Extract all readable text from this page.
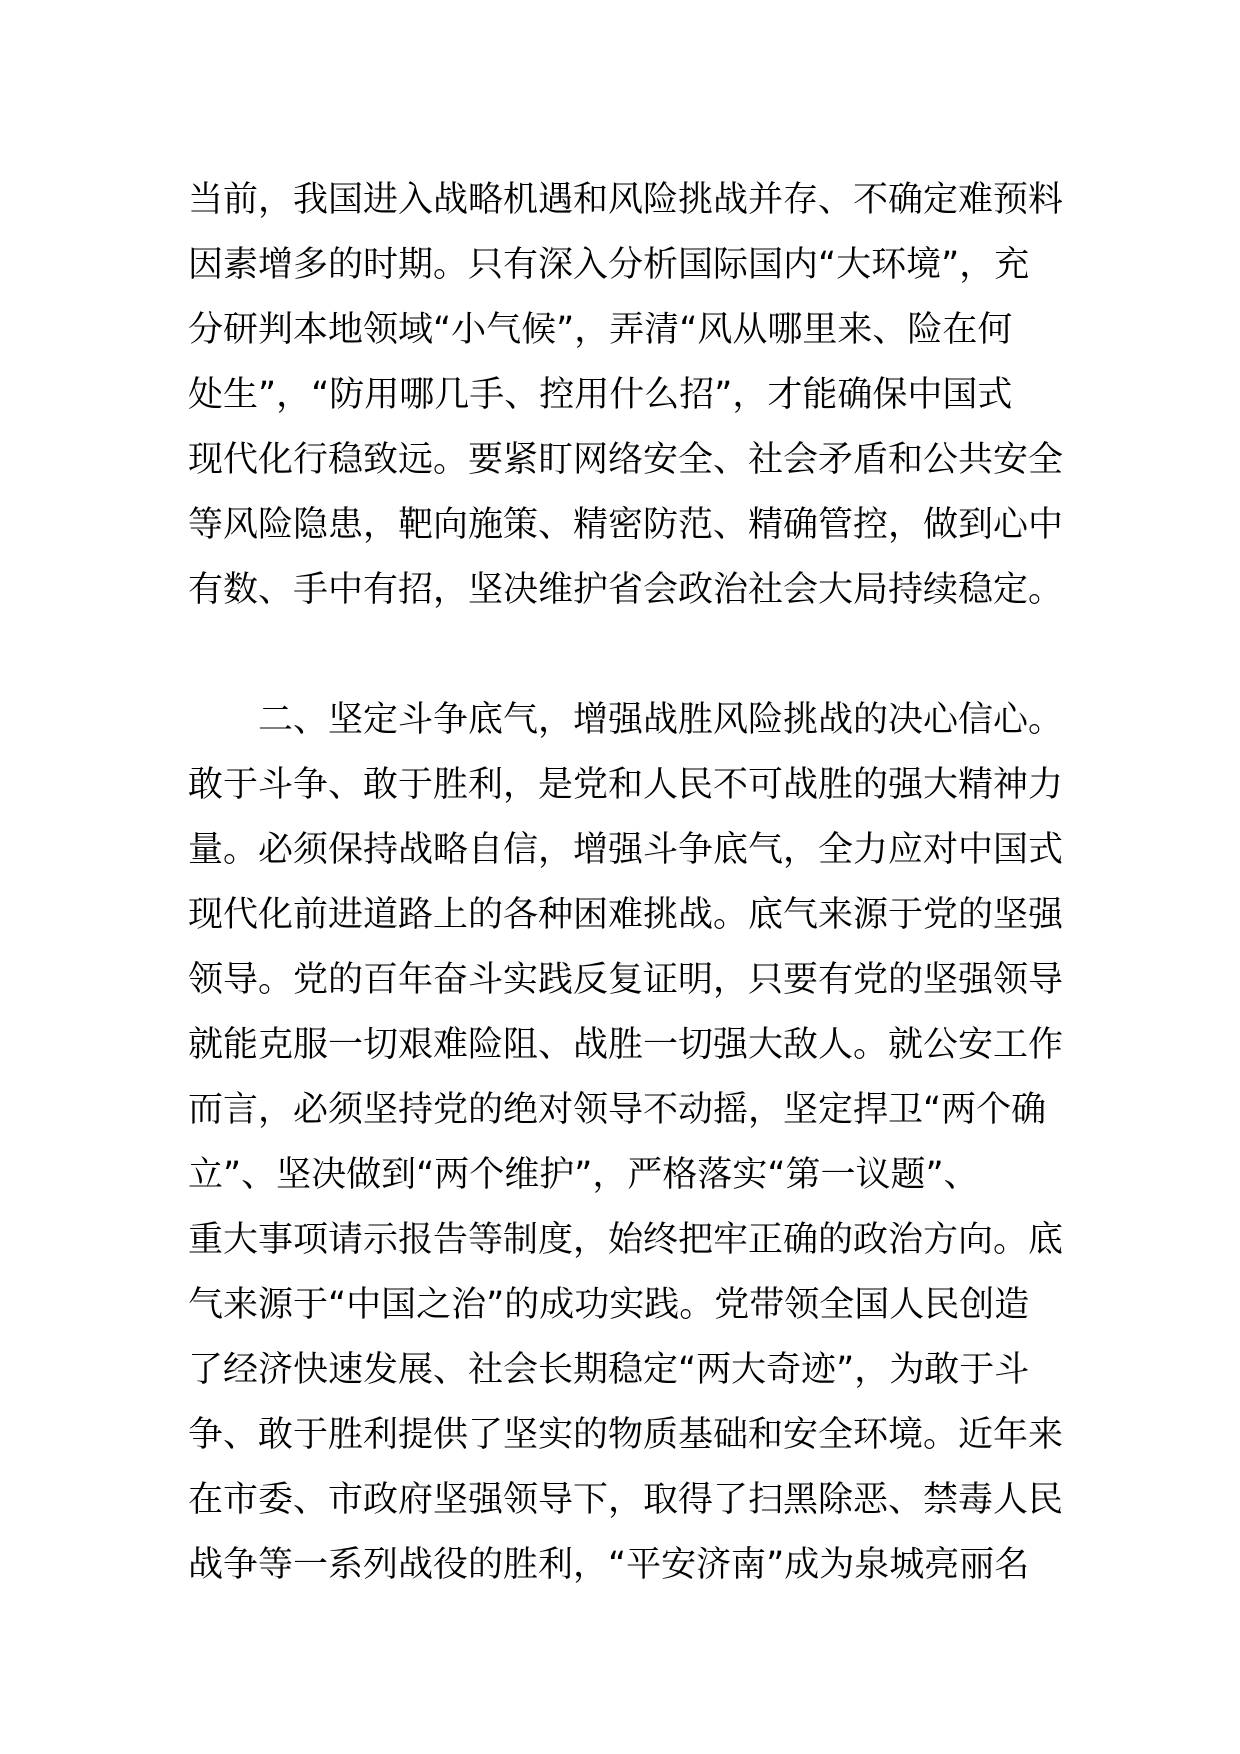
当前，我国进入战略机遇和风险挑战并存、不确定难预料
因素增多的时期。只有深入分析国际国内“大环境”，充
分研判本地领域“小气候”，弄清“风从哪里来、险在何
处生”，“防用哪几手、控用什么招”，才能确保中国式
现代化行稳致远。要紧盯网络安全、社会矛盾和公共安全
等风险隐患，靶向施策、精密防范、精确管控，做到心中
有数、手中有招，坚决维护省会政治社会大局持续稳定。
二、坚定斗争底气，增强战胜风险挑战的决心信心。
敢于斗争、敢于胜利，是党和人民不可战胜的强大精神力
量。必须保持战略自信，增强斗争底气，全力应对中国式
现代化前进道路上的各种困难挑战。底气来源于党的坚强
领导。党的百年奋斗实践反复证明，只要有党的坚强领导
就能克服一切艰难险阻、战胜一切强大敌人。就公安工作
而言，必须坚持党的绝对领导不动摇，坚定捍卫“两个确
立”、坚决做到“两个维护”，严格落实“第一议题”、
重大事项请示报告等制度，始终把牢正确的政治方向。底
气来源于“中国之治”的成功实践。党带领全国人民创造
了经济快速发展、社会长期稳定“两大奇迹”，为敢于斗
争、敢于胜利提供了坚实的物质基础和安全环境。近年来
在市委、市政府坚强领导下，取得了扫黑除恶、禁毒人民
战争等一系列战役的胜利，“平安济南”成为泉城亮丽名
